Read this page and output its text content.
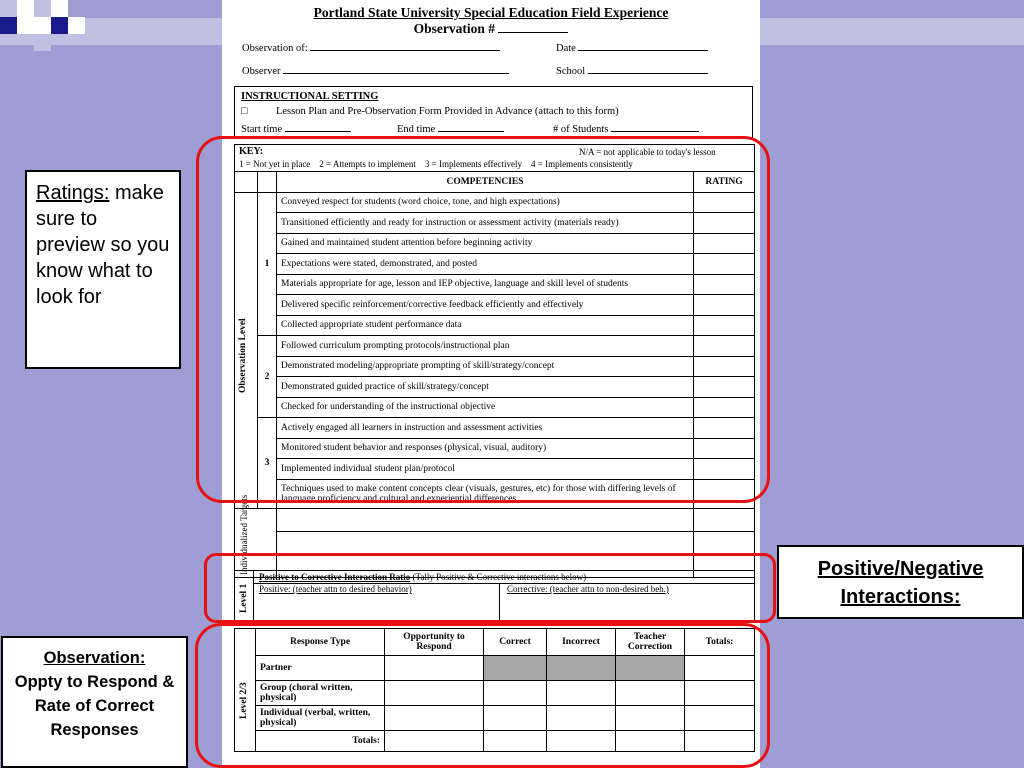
Portland State University Special Education Field Experience
Observation #
Observation of:	Date
Observer	School
INSTRUCTIONAL SETTING
□	Lesson Plan and Pre-Observation Form Provided in Advance (attach to this form)
Start time	End time	# of Students
KEY:	N/A = not applicable to today's lesson
1 = Not yet in place    2 = Attempts to implement    3 = Implements effectively    4 = Implements consistently
		COMPETENCIES	RATING

Observation Level	1	Conveyed respect for students (word choice, tone, and high expectations)	
		Transitioned efficiently and ready for instruction or assessment activity (materials ready)	
		Gained and maintained student attention before beginning activity	
		Expectations were stated, demonstrated, and posted	
		Materials appropriate for age, lesson and IEP objective, language and skill level of students	
		Delivered specific reinforcement/corrective feedback efficiently and effectively	
		Collected appropriate student performance data	
	2	Followed curriculum prompting protocols/instructional plan	
		Demonstrated modeling/appropriate prompting of skill/strategy/concept	
		Demonstrated guided practice of skill/strategy/concept	
		Checked for understanding of the instructional objective	
	3	Actively engaged all learners in instruction and assessment activities	
		Monitored student behavior and responses (physical, visual, auditory)	
		Implemented individual student plan/protocol	
		Techniques used to make content concepts clear (visuals, gestures, etc) for those with differing levels of language proficiency and cultural and experiential differences	

Individualized Targets			

Level 1
Positive to Corrective Interaction Ratio (Tally Positive & Corrective interactions below)
Positive: (teacher attn to desired behavior)	Corrective: (teacher attn to non-desired beh.)
Level 2/3	Response Type	Opportunity to Respond	Correct	Incorrect	Teacher Correction	Totals:
	Partner					
	Group (choral written, physical)					
	Individual (verbal, written, physical)					
	Totals:					
Ratings: make sure to preview so you know what to look for
Positive/Negative Interactions:
Observation:
Oppty to Respond & Rate of Correct Responses
